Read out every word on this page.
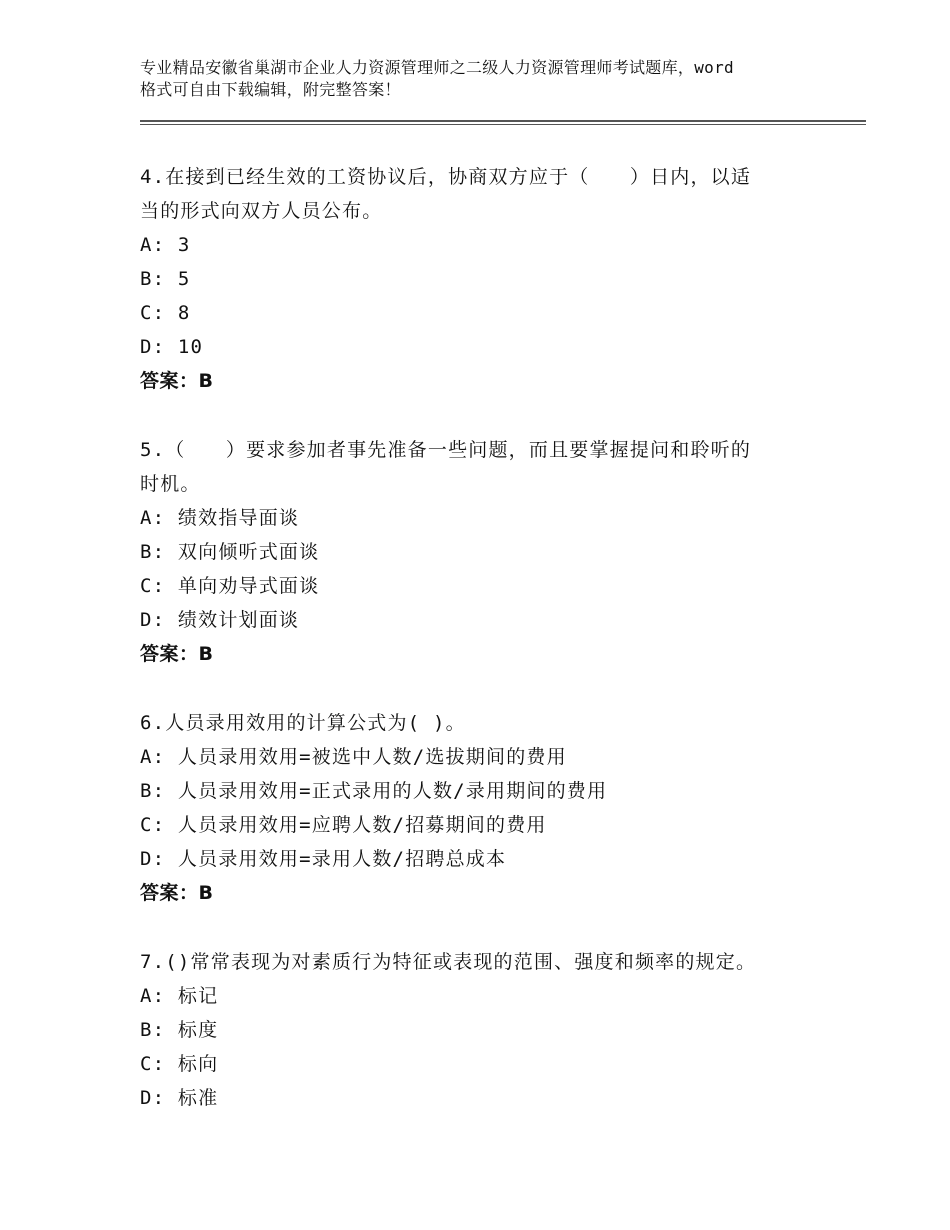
专业精品安徽省巢湖市企业人力资源管理师之二级人力资源管理师考试题库，word
格式可自由下载编辑，附完整答案！
4.在接到已经生效的工资协议后，协商双方应于（　　）日内，以适
当的形式向双方人员公布。
A: 3
B: 5
C: 8
D: 10
答案：B
5.（　　）要求参加者事先准备一些问题，而且要掌握提问和聆听的
时机。
A: 绩效指导面谈
B: 双向倾听式面谈
C: 单向劝导式面谈
D: 绩效计划面谈
答案：B
6.人员录用效用的计算公式为( )。
A: 人员录用效用=被选中人数/选拔期间的费用
B: 人员录用效用=正式录用的人数/录用期间的费用
C: 人员录用效用=应聘人数/招募期间的费用
D: 人员录用效用=录用人数/招聘总成本
答案：B
7.()常常表现为对素质行为特征或表现的范围、强度和频率的规定。
A: 标记
B: 标度
C: 标向
D: 标准
